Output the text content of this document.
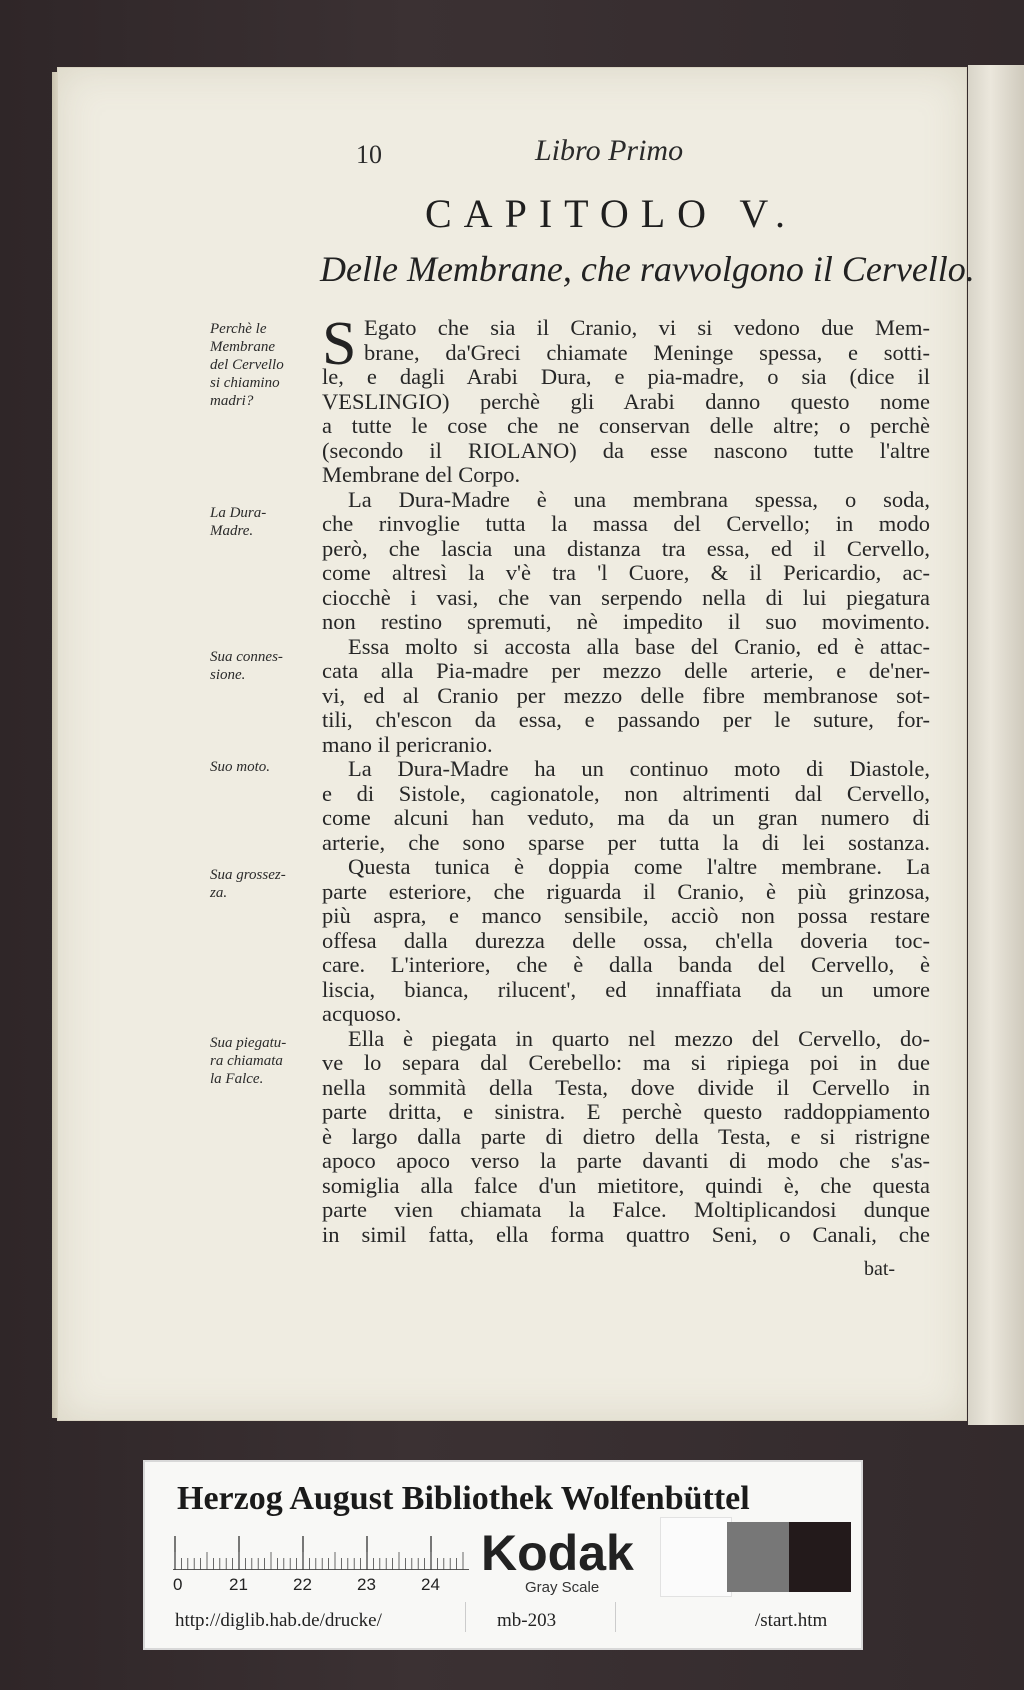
10	Libro Primo
CAPITOLO V.
Delle Membrane, che ravvolgono il Cervello.
Perchè le
Membrane
del Cervello
si chiamino
madri?
La Dura-
Madre.
Sua connes-
sione.
Suo moto.
Sua grossez-
za.
Sua piegatu-
ra chiamata
la Falce.
S Egato che sia il Cranio, vi si vedono due Mem-
brane, da'Greci chiamate Meninge spessa, e sotti-
le, e dagli Arabi Dura, e pia-madre, o sia (dice il
VESLINGIO) perchè gli Arabi danno questo nome
a tutte le cose che ne conservan delle altre; o perchè
(secondo il RIOLANO) da esse nascono tutte l'altre
Membrane del Corpo.
La Dura-Madre è una membrana spessa, o soda,
che rinvoglie tutta la massa del Cervello; in modo
però, che lascia una distanza tra essa, ed il Cervello,
come altresì la v'è tra 'l Cuore, & il Pericardio, ac-
ciocchè i vasi, che van serpendo nella di lui piegatura
non restino spremuti, nè impedito il suo movimento.
Essa molto si accosta alla base del Cranio, ed è attac-
cata alla Pia-madre per mezzo delle arterie, e de'ner-
vi, ed al Cranio per mezzo delle fibre membranose sot-
tili, ch'escon da essa, e passando per le suture, for-
mano il pericranio.
La Dura-Madre ha un continuo moto di Diastole,
e di Sistole, cagionatole, non altrimenti dal Cervello,
come alcuni han veduto, ma da un gran numero di
arterie, che sono sparse per tutta la di lei sostanza.
Questa tunica è doppia come l'altre membrane. La
parte esteriore, che riguarda il Cranio, è più grinzosa,
più aspra, e manco sensibile, acciò non possa restare
offesa dalla durezza delle ossa, ch'ella doveria toc-
care. L'interiore, che è dalla banda del Cervello, è
liscia, bianca, rilucent', ed innaffiata da un umore
acquoso.
Ella è piegata in quarto nel mezzo del Cervello, do-
ve lo separa dal Cerebello: ma si ripiega poi in due
nella sommità della Testa, dove divide il Cervello in
parte dritta, e sinistra. E perchè questo raddoppiamento
è largo dalla parte di dietro della Testa, e si ristrigne
apoco apoco verso la parte davanti di modo che s'as-
somiglia alla falce d'un mietitore, quindi è, che questa
parte vien chiamata la Falce. Moltiplicandosi dunque
in simil fatta, ella forma quattro Seni, o Canali, che
bat-
Herzog August Bibliothek Wolfenbüttel
0	21	22	23	24
Kodak
Gray Scale
http://diglib.hab.de/drucke/	mb-203	/start.htm
